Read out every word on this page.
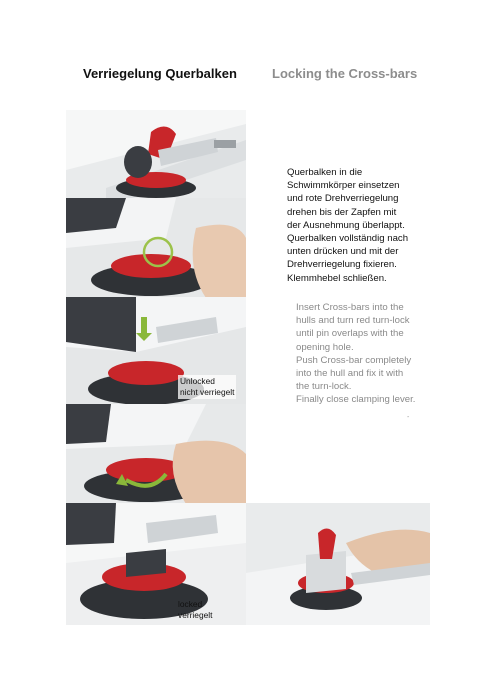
Verriegelung Querbalken	Locking the Cross-bars
Unlocked
nicht verriegelt
locked
verriegelt
Querbalken in die
Schwimmkörper einsetzen
und rote Drehverriegelung
drehen bis der Zapfen mit
der Ausnehmung überlappt.
Querbalken vollständig nach
unten drücken und mit der
Drehverriegelung fixieren.
Klemmhebel schließen.
Insert Cross-bars into the
hulls and turn red turn-lock
until pin overlaps with the
opening hole.
Push Cross-bar completely
into the hull and fix it with
the turn-lock.
Finally close clamping lever.
-
